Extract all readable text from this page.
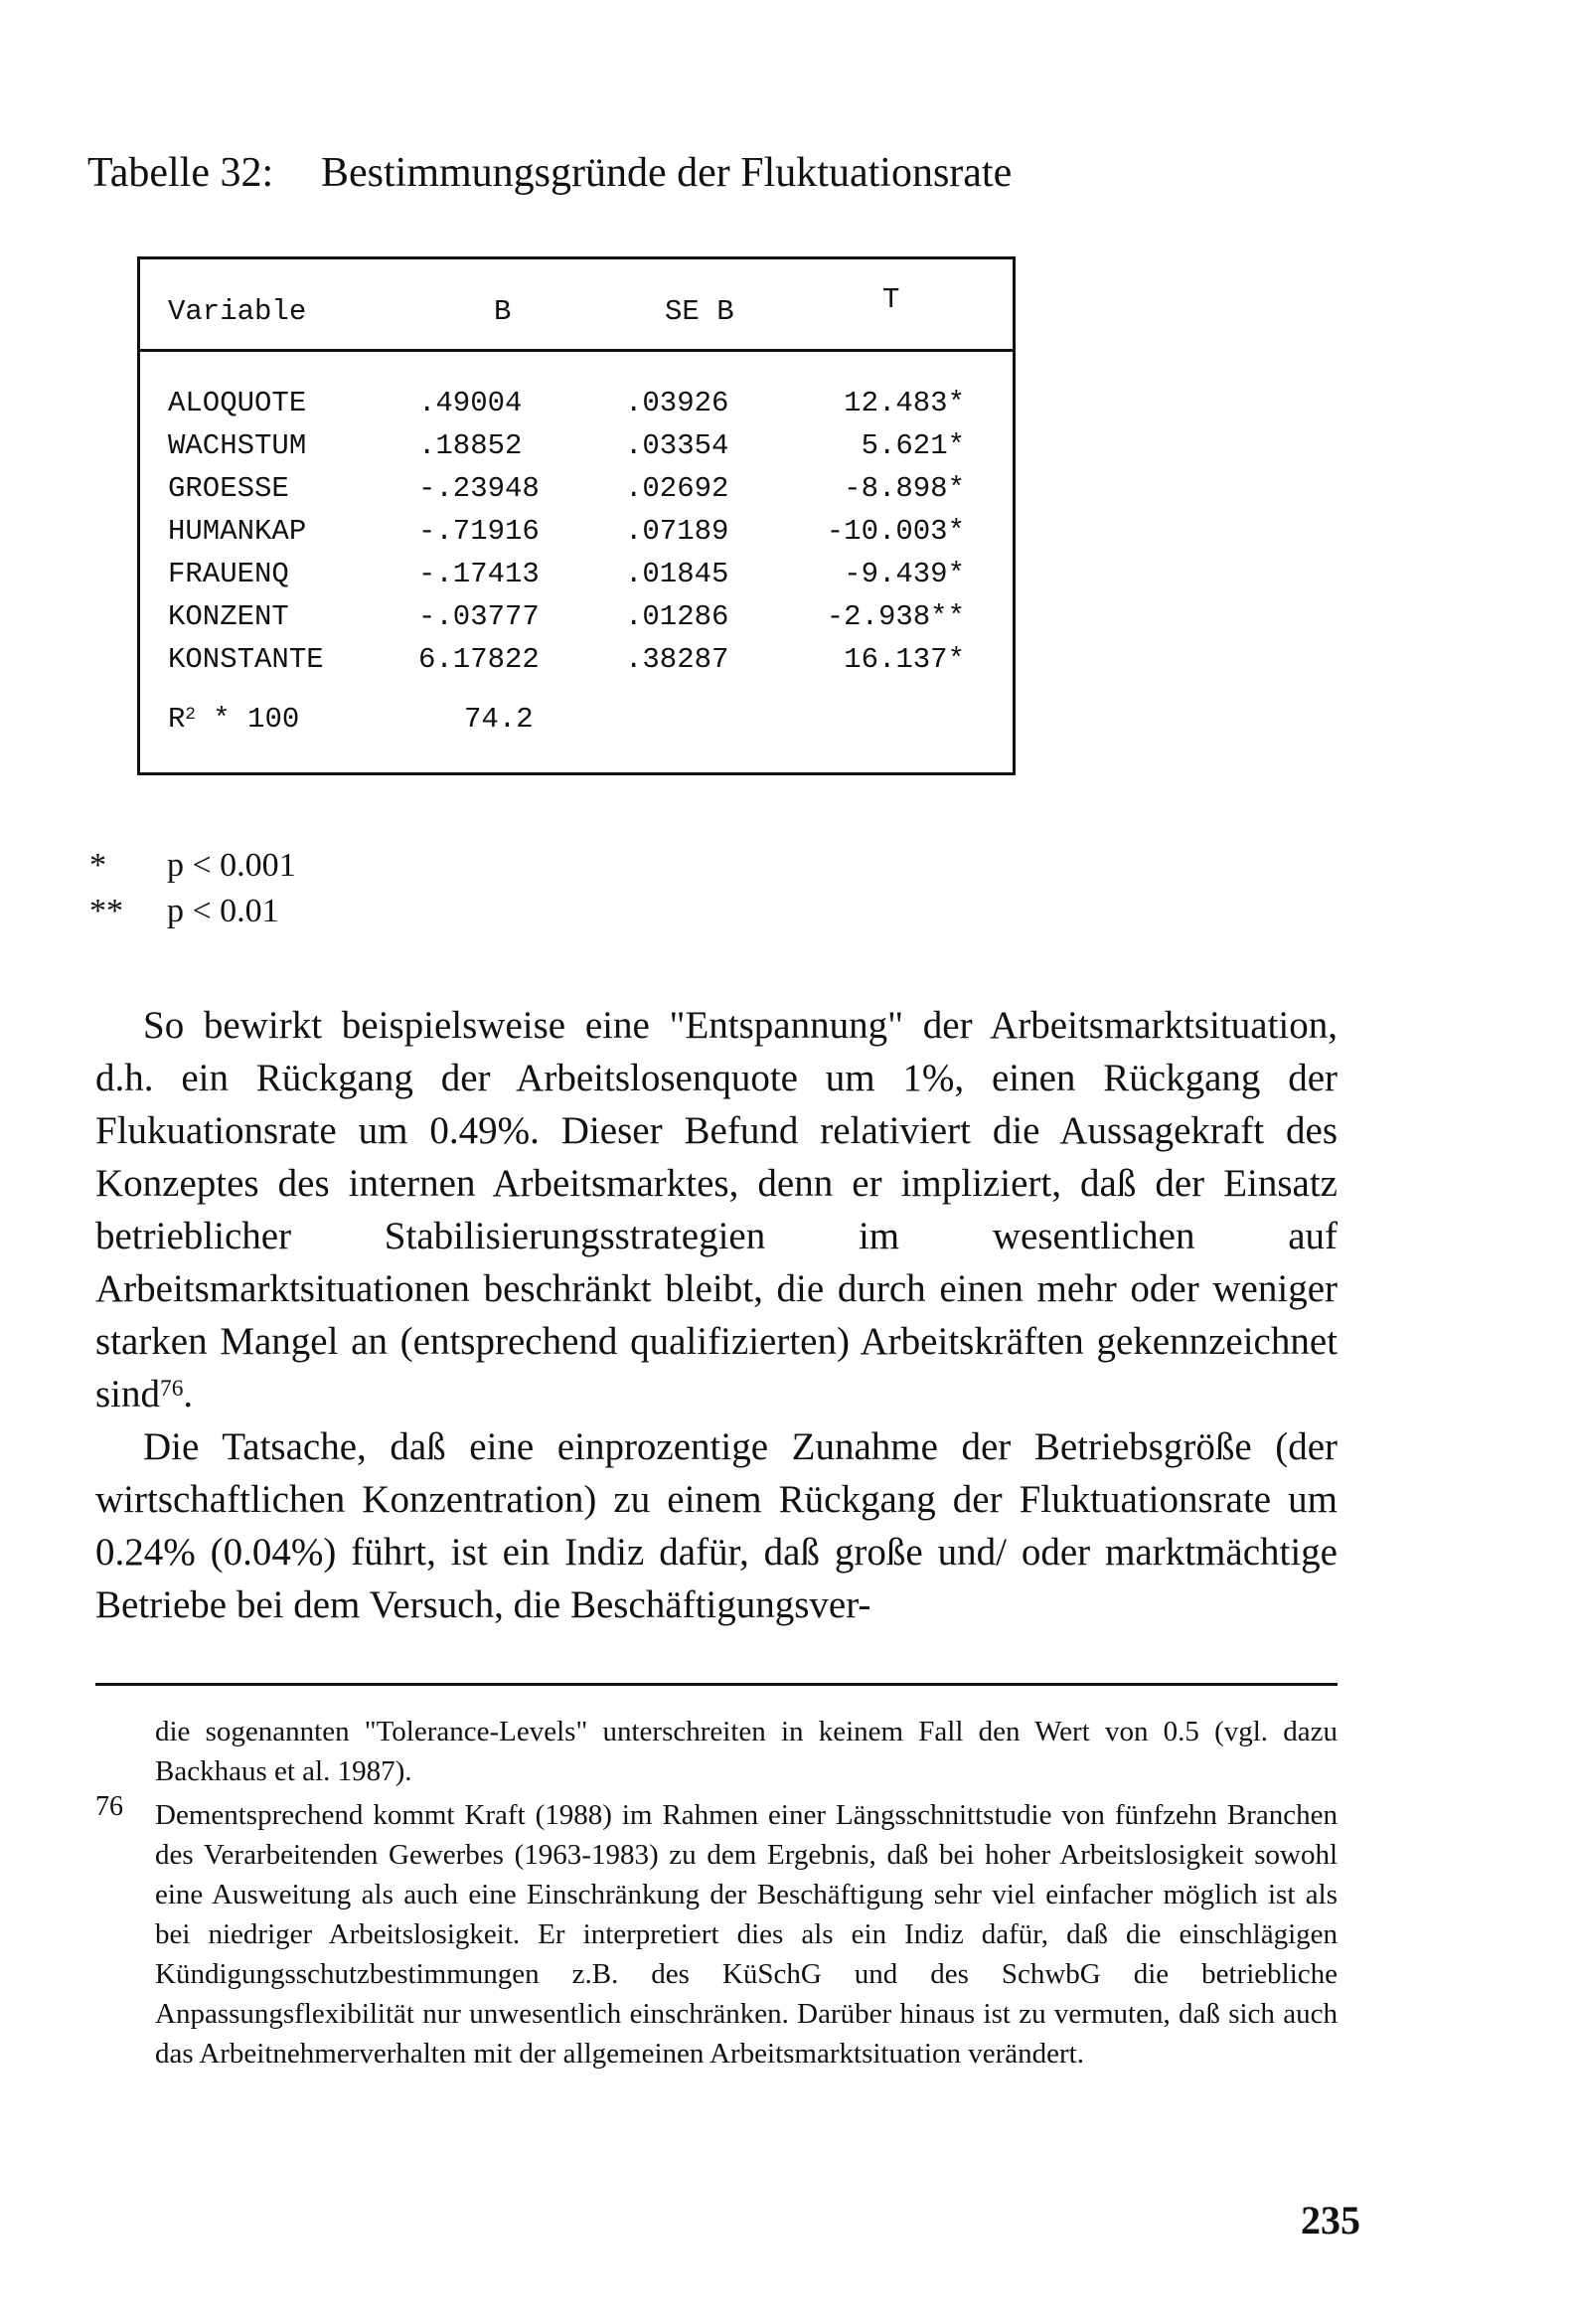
Tabelle 32: Bestimmungsgründe der Fluktuationsrate
Variable	B	SE B	T
ALOQUOTE	.49004	.03926	12.483*
WACHSTUM	.18852	.03354	5.621*
GROESSE	-.23948	.02692	-8.898*
HUMANKAP	-.71916	.07189	-10.003*
FRAUENQ	-.17413	.01845	-9.439*
KONZENT	-.03777	.01286	-2.938**
KONSTANTE	6.17822	.38287	16.137*
$R^2 * 100$	74.2
* p < 0.001
** p < 0.01

So bewirkt beispielsweise eine "Entspannung" der Arbeitsmarktsituation, d.h. ein Rückgang der Arbeitslosenquote um 1%, einen Rückgang der Flukuationsrate um 0.49%. Dieser Befund relativiert die Aussagekraft des Konzeptes des internen Arbeitsmarktes, denn er impliziert, daß der Einsatz betrieblicher Stabilisierungsstrategien im wesentlichen auf Arbeitsmarktsituationen beschränkt bleibt, die durch einen mehr oder weniger starken Mangel an (entsprechend qualifizierten) Arbeitskräften gekennzeichnet sind$^{76}$.

Die Tatsache, daß eine einprozentige Zunahme der Betriebsgröße (der wirtschaftlichen Konzentration) zu einem Rückgang der Fluktuationsrate um 0.24% (0.04%) führt, ist ein Indiz dafür, daß große und/ oder marktmächtige Betriebe bei dem Versuch, die Beschäftigungsver-

die sogenannten "Tolerance-Levels" unterschreiten in keinem Fall den Wert von 0.5 (vgl. dazu Backhaus et al. 1987).

76 Dementsprechend kommt Kraft (1988) im Rahmen einer Längsschnittstudie von fünfzehn Branchen des Verarbeitenden Gewerbes (1963-1983) zu dem Ergebnis, daß bei hoher Arbeitslosigkeit sowohl eine Ausweitung als auch eine Einschränkung der Beschäftigung sehr viel einfacher möglich ist als bei niedriger Arbeitslosigkeit. Er interpretiert dies als ein Indiz dafür, daß die einschlägigen Kündigungsschutzbestimmungen z.B. des KüSchG und des SchwbG die betriebliche Anpassungsflexibilität nur unwesentlich einschränken. Darüber hinaus ist zu vermuten, daß sich auch das Arbeitnehmerverhalten mit der allgemeinen Arbeitsmarktsituation verändert.

235
